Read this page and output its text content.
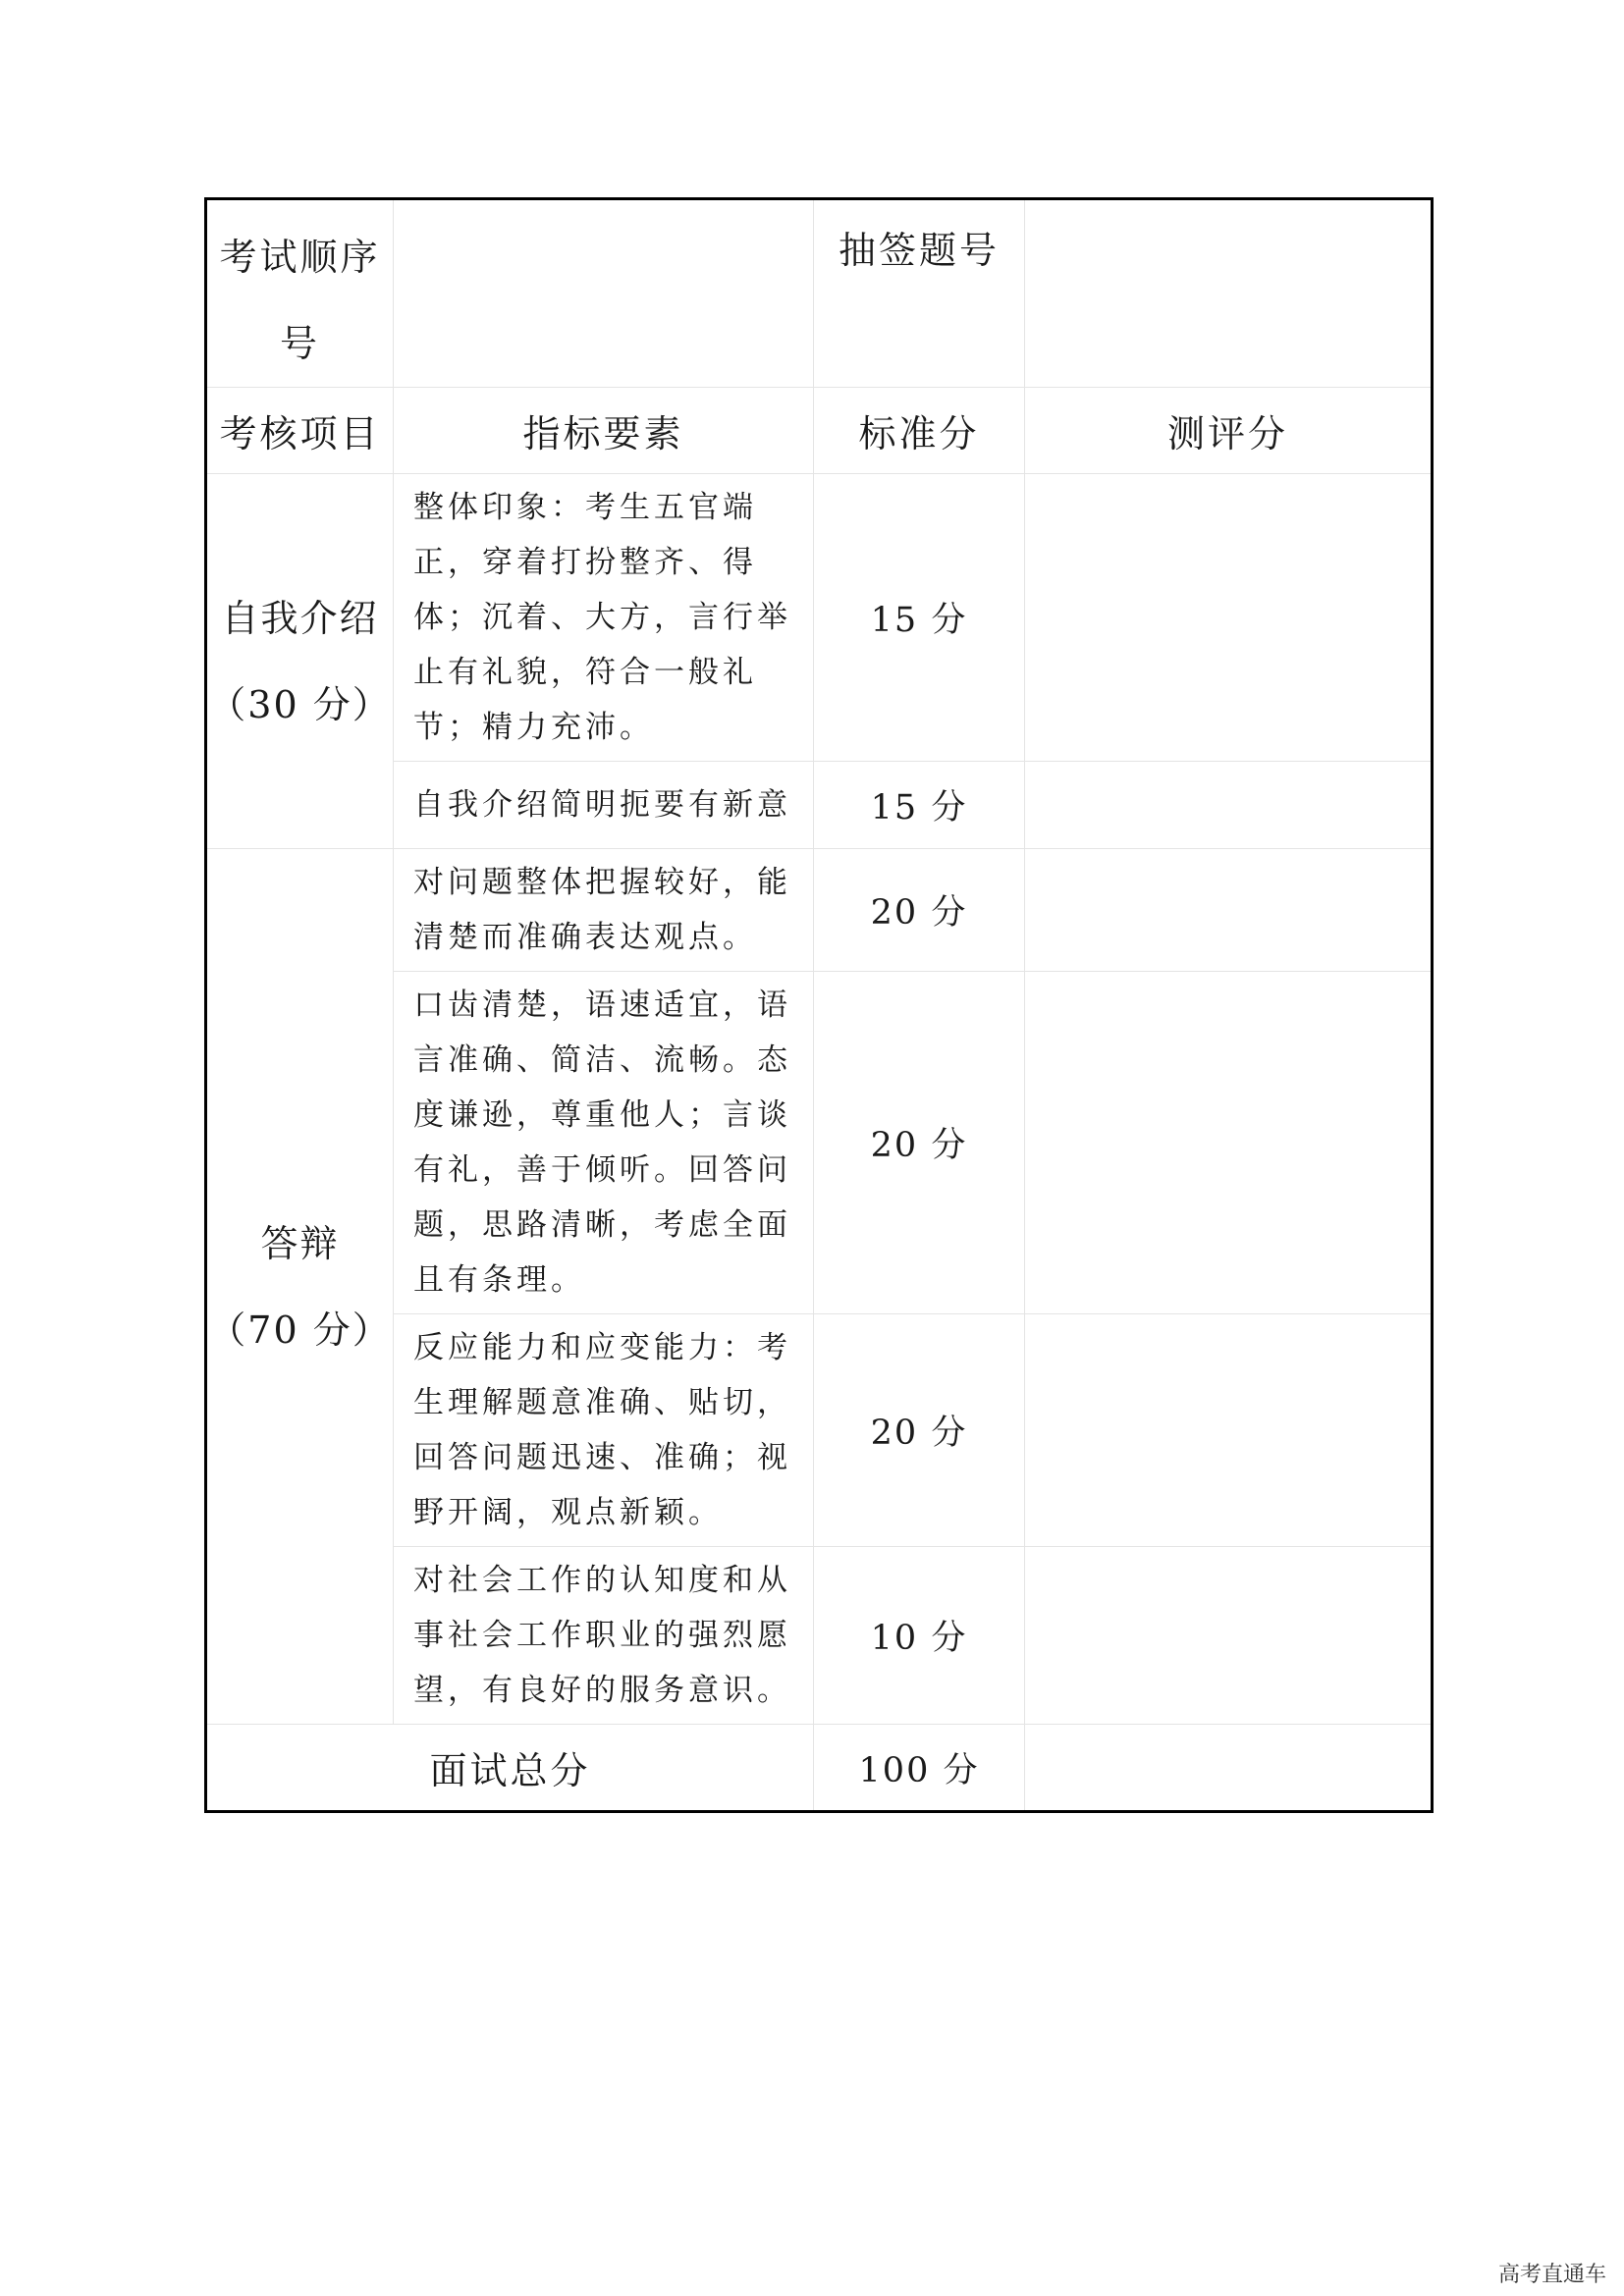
考试顺序号		抽签题号	
考核项目	指标要素	标准分	测评分

自我介绍
（30 分）	整体印象：考生五官端正，穿着打扮整齐、得体；沉着、大方，言行举止有礼貌，符合一般礼节；精力充沛。	15 分	
	自我介绍简明扼要有新意	15 分	

答辩
（70 分）	对问题整体把握较好，能清楚而准确表达观点。	20 分	
	口齿清楚，语速适宜，语言准确、简洁、流畅。态度谦逊，尊重他人；言谈有礼，善于倾听。回答问题，思路清晰，考虑全面且有条理。	20 分	
	反应能力和应变能力：考生理解题意准确、贴切，回答问题迅速、准确；视野开阔，观点新颖。	20 分	
	对社会工作的认知度和从事社会工作职业的强烈愿望，有良好的服务意识。	10 分	
面试总分		100 分	
高考直通车
